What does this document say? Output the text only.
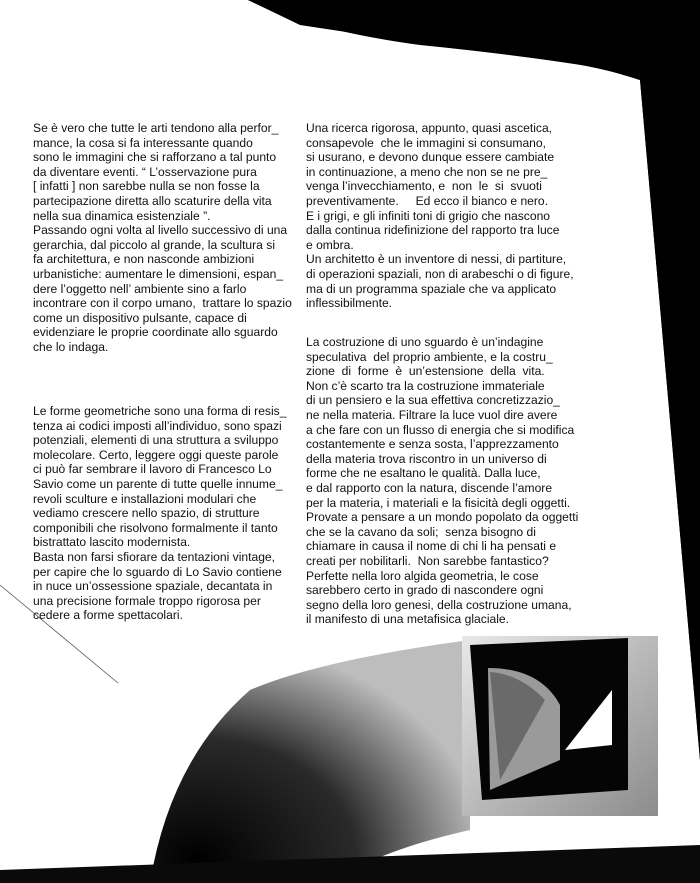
Se è vero che tutte le arti tendono alla perfor_
mance, la cosa si fa interessante quando
sono le immagini che si rafforzano a tal punto
da diventare eventi. “ L’osservazione pura
[ infatti ] non sarebbe nulla se non fosse la
partecipazione diretta allo scaturire della vita
nella sua dinamica esistenziale ”.
Passando ogni volta al livello successivo di una
gerarchia, dal piccolo al grande, la scultura si
fa architettura, e non nasconde ambizioni
urbanistiche: aumentare le dimensioni, espan_
dere l’oggetto nell’ ambiente sino a farlo
incontrare con il corpo umano,  trattare lo spazio
come un dispositivo pulsante, capace di
evidenziare le proprie coordinate allo sguardo
che lo indaga.
Le forme geometriche sono una forma di resis_
tenza ai codici imposti all’individuo, sono spazi
potenziali, elementi di una struttura a sviluppo
molecolare. Certo, leggere oggi queste parole
ci può far sembrare il lavoro di Francesco Lo
Savio come un parente di tutte quelle innume_
revoli sculture e installazioni modulari che
vediamo crescere nello spazio, di strutture
componibili che risolvono formalmente il tanto
bistrattato lascito modernista.
Basta non farsi sfiorare da tentazioni vintage,
per capire che lo sguardo di Lo Savio contiene
in nuce un’ossessione spaziale, decantata in
una precisione formale troppo rigorosa per
cedere a forme spettacolari.
Una ricerca rigorosa, appunto, quasi ascetica,
consapevole  che le immagini si consumano,
si usurano, e devono dunque essere cambiate
in continuazione, a meno che non se ne pre_
venga l’invecchiamento, e  non  le  si  svuoti
preventivamente.     Ed ecco il bianco e nero.
E i grigi, e gli infiniti toni di grigio che nascono
dalla continua ridefinizione del rapporto tra luce
e ombra.
Un architetto è un inventore di nessi, di partiture,
di operazioni spaziali, non di arabeschi o di figure,
ma di un programma spaziale che va applicato
inflessibilmente.
La costruzione di uno sguardo è un’indagine
speculativa  del proprio ambiente, e la costru_
zione  di  forme  è  un’estensione  della  vita.
Non c’è scarto tra la costruzione immateriale
di un pensiero e la sua effettiva concretizzazio_
ne nella materia. Filtrare la luce vuol dire avere
a che fare con un flusso di energia che si modifica
costantemente e senza sosta, l’apprezzamento
della materia trova riscontro in un universo di
forme che ne esaltano le qualità. Dalla luce,
e dal rapporto con la natura, discende l’amore
per la materia, i materiali e la fisicità degli oggetti.
Provate a pensare a un mondo popolato da oggetti
che se la cavano da soli;  senza bisogno di
chiamare in causa il nome di chi li ha pensati e
creati per nobilitarli.  Non sarebbe fantastico?
Perfette nella loro algida geometria, le cose
sarebbero certo in grado di nascondere ogni
segno della loro genesi, della costruzione umana,
il manifesto di una metafisica glaciale.
